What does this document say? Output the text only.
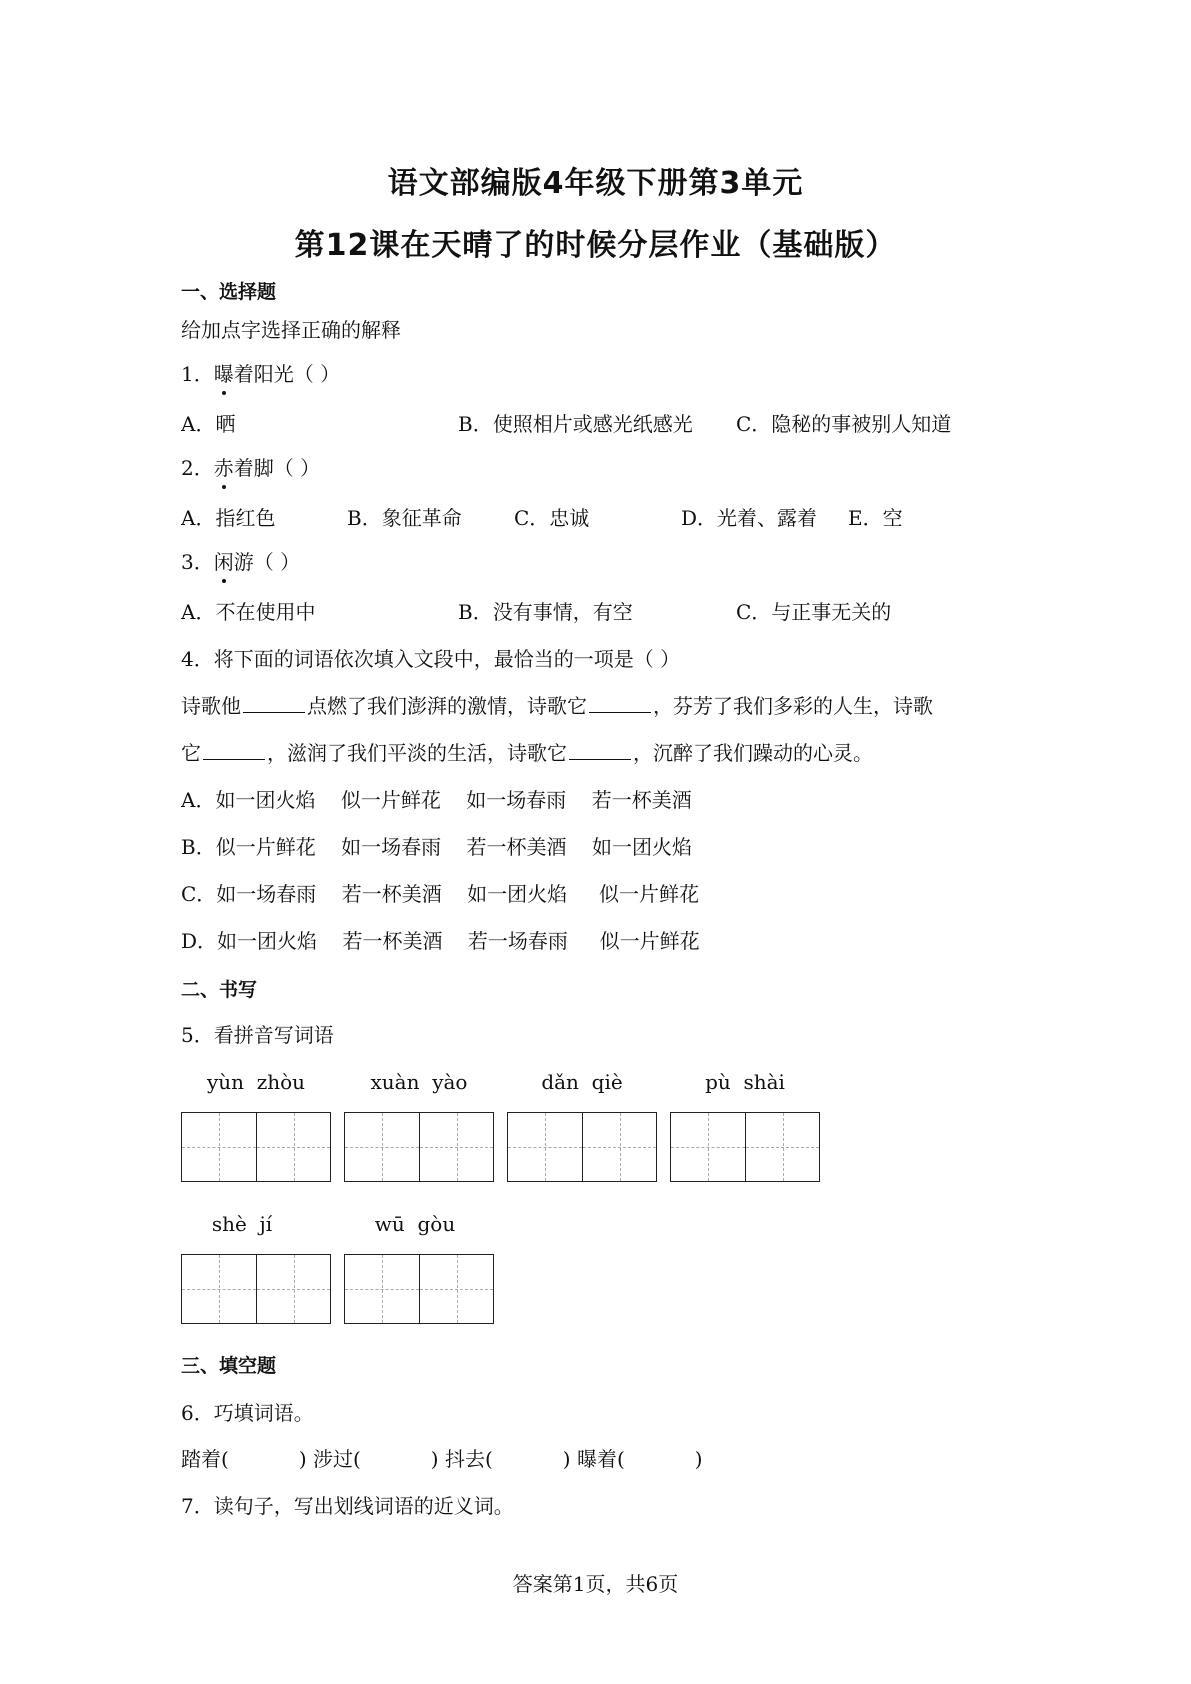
语文部编版4年级下册第3单元
第12课在天晴了的时候分层作业（基础版）
一、选择题
给加点字选择正确的解释
1．曝着阳光（ ）
A．晒	B．使照相片或感光纸感光 C．隐秘的事被别人知道
2．赤着脚（ ）
A．指红色	B．象征革命	C．忠诚	D．光着、露着 E．空
3．闲游（ ）
A．不在使用中	B．没有事情，有空	C．与正事无关的
4．将下面的词语依次填入文段中，最恰当的一项是（ ）
诗歌他	点燃了我们澎湃的激情，诗歌它	，芬芳了我们多彩的人生，诗歌
它	，滋润了我们平淡的生活，诗歌它	，沉醉了我们躁动的心灵。
A．如一团火焰    似一片鲜花    如一场春雨    若一杯美酒
B．似一片鲜花    如一场春雨    若一杯美酒    如一团火焰
C．如一场春雨    若一杯美酒    如一团火焰     似一片鲜花
D．如一团火焰    若一杯美酒    若一场春雨     似一片鲜花
二、书写
5．看拼音写词语
yùn  zhòu	xuàn  yào	dǎn  qiè	pù  shài
shè  jí	wū  gòu
三、填空题
6．巧填词语。
踏着(	) 涉过(	) 抖去(	) 曝着(	)
7．读句子，写出划线词语的近义词。
答案第1页，共6页
